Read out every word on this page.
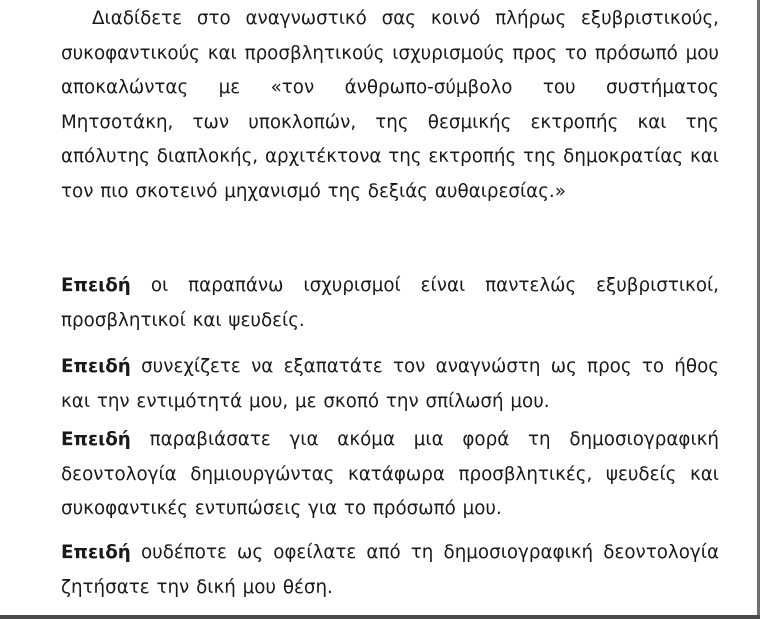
Διαδίδετε στο αναγνωστικό σας κοινό πλήρως εξυβριστικούς, συκοφαντικούς και προσβλητικούς ισχυρισμούς προς το πρόσωπό μου αποκαλώντας με «τον άνθρωπο-σύμβολο του συστήματος Μητσοτάκη, των υποκλοπών, της θεσμικής εκτροπής και της απόλυτης διαπλοκής, αρχιτέκτονα της εκτροπής της δημοκρατίας και τον πιο σκοτεινό μηχανισμό της δεξιάς αυθαιρεσίας.»

Επειδή οι παραπάνω ισχυρισμοί είναι παντελώς εξυβριστικοί, προσβλητικοί και ψευδείς.

Επειδή συνεχίζετε να εξαπατάτε τον αναγνώστη ως προς το ήθος και την εντιμότητά μου, με σκοπό την σπίλωσή μου.

Επειδή παραβιάσατε για ακόμα μια φορά τη δημοσιογραφική δεοντολογία δημιουργώντας κατάφωρα προσβλητικές, ψευδείς και συκοφαντικές εντυπώσεις για το πρόσωπό μου.

Επειδή ουδέποτε ως οφείλατε από τη δημοσιογραφική δεοντολογία ζητήσατε την δική μου θέση.
